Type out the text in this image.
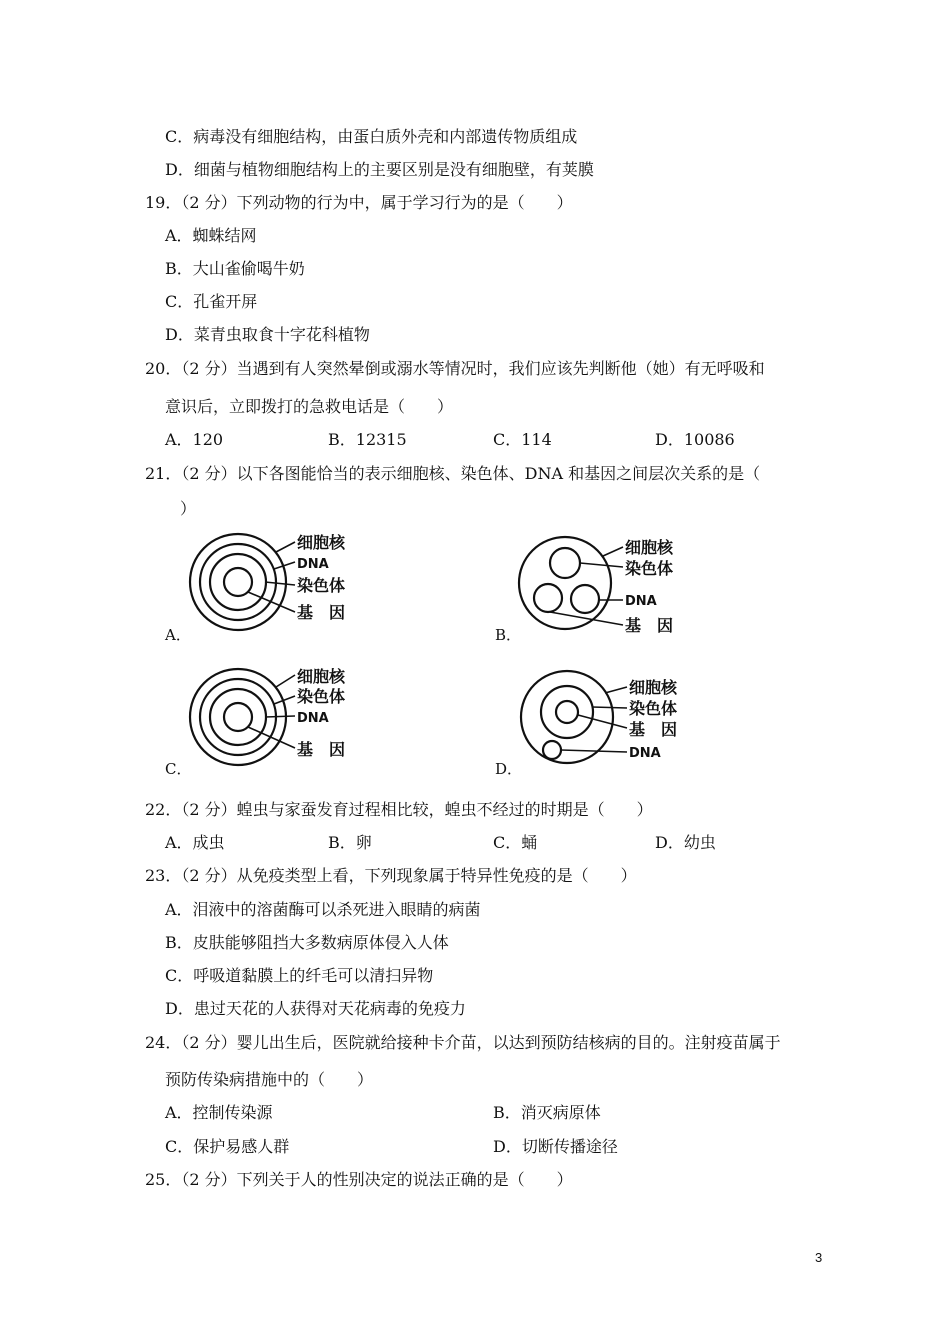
C．病毒没有细胞结构，由蛋白质外壳和内部遗传物质组成
D．细菌与植物细胞结构上的主要区别是没有细胞壁，有荚膜
19．（2 分）下列动物的行为中，属于学习行为的是（　　）
A．蜘蛛结网
B．大山雀偷喝牛奶
C．孔雀开屏
D．菜青虫取食十字花科植物
20．（2 分）当遇到有人突然晕倒或溺水等情况时，我们应该先判断他（她）有无呼吸和
意识后，立即拨打的急救电话是（　　）
A．120	B．12315	C．114	D．10086
21．（2 分）以下各图能恰当的表示细胞核、染色体、DNA 和基因之间层次关系的是（
）
A．
细胞核
DNA
染色体
基　因
B．
细胞核
染色体
DNA
基　因
C．
细胞核
染色体
DNA
基　因
D．
细胞核
染色体
基　因
DNA
22．（2 分）蝗虫与家蚕发育过程相比较，蝗虫不经过的时期是（　　）
A．成虫	B．卵	C．蛹	D．幼虫
23．（2 分）从免疫类型上看，下列现象属于特异性免疫的是（　　）
A．泪液中的溶菌酶可以杀死进入眼睛的病菌
B．皮肤能够阻挡大多数病原体侵入人体
C．呼吸道黏膜上的纤毛可以清扫异物
D．患过天花的人获得对天花病毒的免疫力
24．（2 分）婴儿出生后，医院就给接种卡介苗，以达到预防结核病的目的。注射疫苗属于
预防传染病措施中的（　　）
A．控制传染源	B．消灭病原体
C．保护易感人群	D．切断传播途径
25．（2 分）下列关于人的性别决定的说法正确的是（　　）
3
